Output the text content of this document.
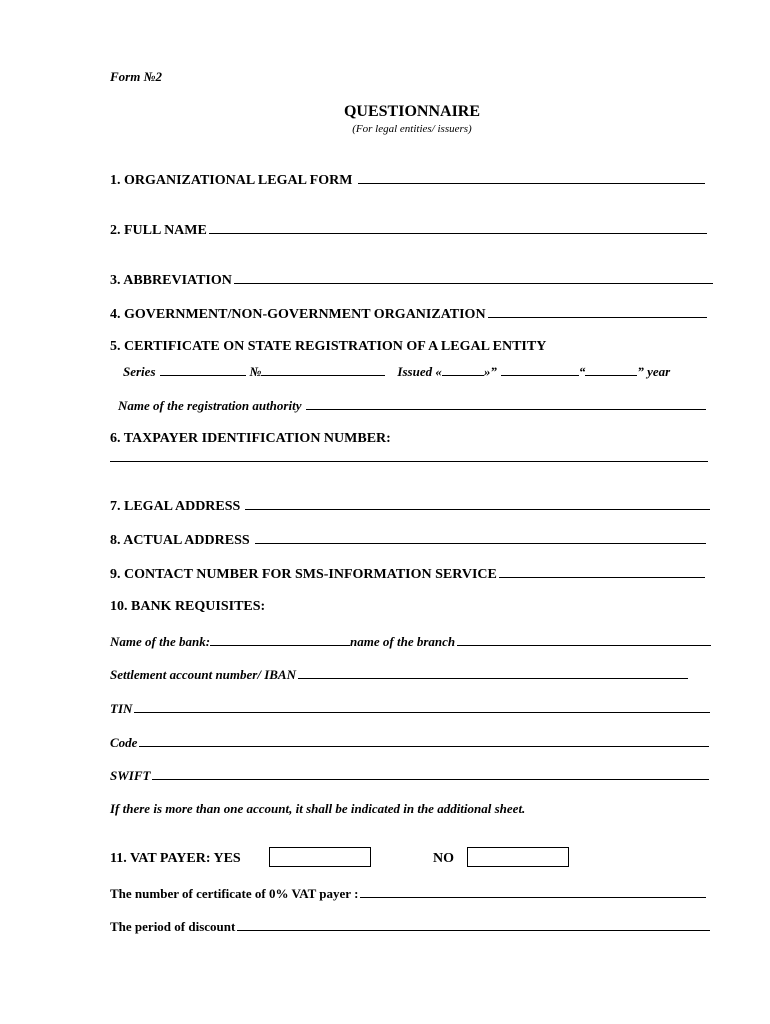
Form №2
QUESTIONNAIRE
(For legal entities/ issuers)
1. ORGANIZATIONAL LEGAL FORM
2. FULL NAME
3. ABBREVIATION
4. GOVERNMENT/NON-GOVERNMENT ORGANIZATION
5. CERTIFICATE ON STATE REGISTRATION OF A LEGAL ENTITY
Series	№	Issued «	»”	“	” year
Name of the registration authority
6. TAXPAYER IDENTIFICATION NUMBER:
7. LEGAL ADDRESS
8. ACTUAL ADDRESS
9. CONTACT NUMBER FOR SMS-INFORMATION SERVICE
10. BANK REQUISITES:
Name of the bank:	name of the branch
Settlement account number/ IBAN
TIN
Code
SWIFT
If there is more than one account, it shall be indicated in the additional sheet.
11. VAT PAYER: YES	NO
The number of certificate of 0% VAT payer :
The period of discount
